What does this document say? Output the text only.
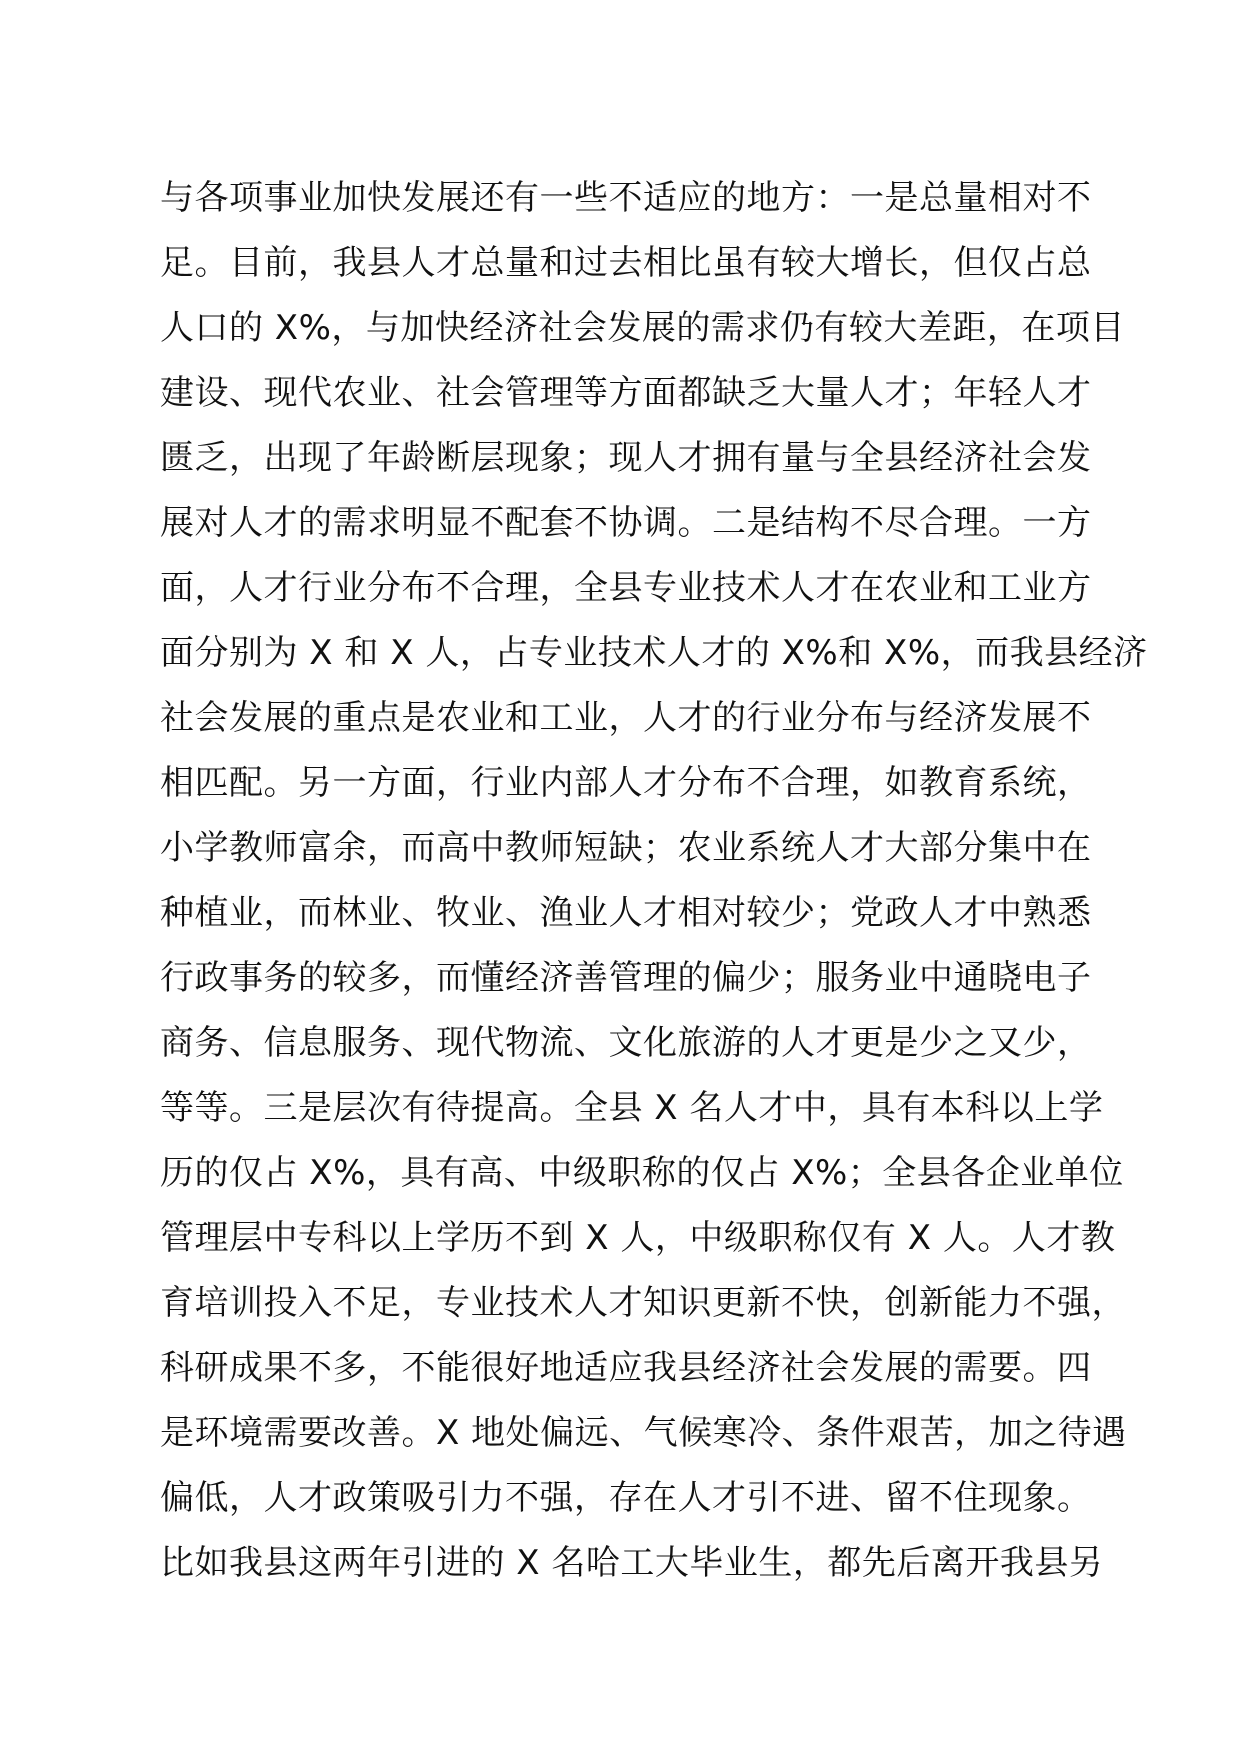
与各项事业加快发展还有一些不适应的地方：一是总量相对不
足。目前，我县人才总量和过去相比虽有较大增长，但仅占总
人口的 X%，与加快经济社会发展的需求仍有较大差距，在项目
建设、现代农业、社会管理等方面都缺乏大量人才；年轻人才
匮乏，出现了年龄断层现象；现人才拥有量与全县经济社会发
展对人才的需求明显不配套不协调。二是结构不尽合理。一方
面，人才行业分布不合理，全县专业技术人才在农业和工业方
面分别为 X 和 X 人，占专业技术人才的 X%和 X%，而我县经济
社会发展的重点是农业和工业，人才的行业分布与经济发展不
相匹配。另一方面，行业内部人才分布不合理，如教育系统，
小学教师富余，而高中教师短缺；农业系统人才大部分集中在
种植业，而林业、牧业、渔业人才相对较少；党政人才中熟悉
行政事务的较多，而懂经济善管理的偏少；服务业中通晓电子
商务、信息服务、现代物流、文化旅游的人才更是少之又少，
等等。三是层次有待提高。全县 X 名人才中，具有本科以上学
历的仅占 X%，具有高、中级职称的仅占 X%；全县各企业单位
管理层中专科以上学历不到 X 人，中级职称仅有 X 人。人才教
育培训投入不足，专业技术人才知识更新不快，创新能力不强，
科研成果不多，不能很好地适应我县经济社会发展的需要。四
是环境需要改善。X 地处偏远、气候寒冷、条件艰苦，加之待遇
偏低，人才政策吸引力不强，存在人才引不进、留不住现象。
比如我县这两年引进的 X 名哈工大毕业生，都先后离开我县另
